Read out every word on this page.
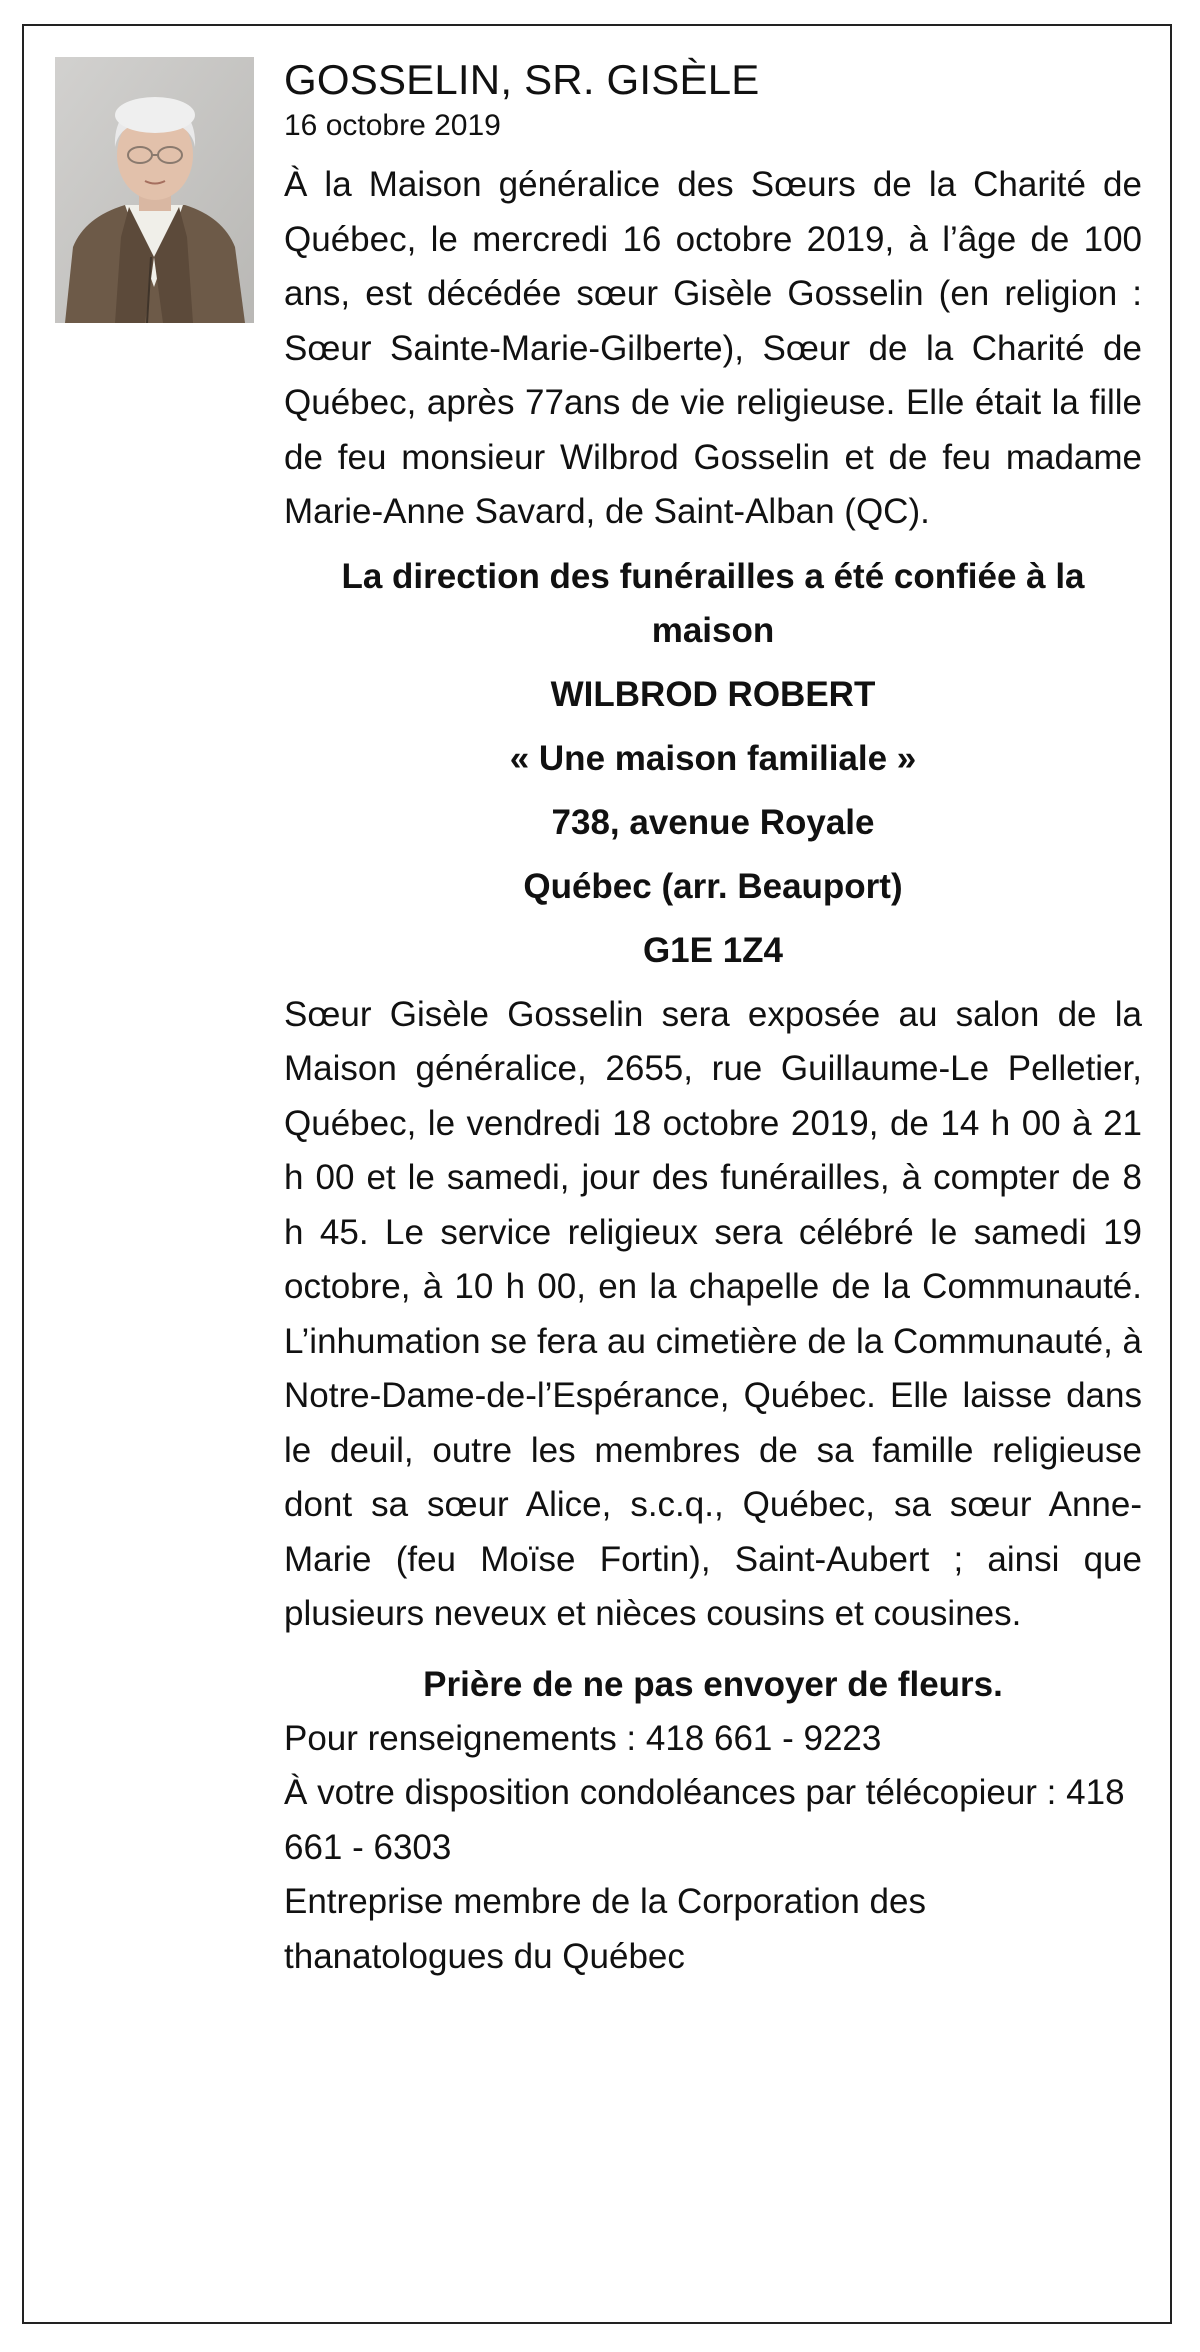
GOSSELIN, SR. GISÈLE

16 octobre 2019

À la Maison généralice des Sœurs de la Charité de Québec, le mercredi 16 octobre 2019, à l’âge de 100 ans, est décédée sœur Gisèle Gosselin (en religion : Sœur Sainte-Marie-Gilberte), Sœur de la Charité de Québec, après 77ans de vie religieuse. Elle était la fille de feu monsieur Wilbrod Gosselin et de feu madame Marie-Anne Savard, de Saint-Alban (QC).

La direction des funérailles a été confiée à la maison

WILBROD ROBERT

« Une maison familiale »

738, avenue Royale

Québec (arr. Beauport)

G1E 1Z4

Sœur Gisèle Gosselin sera exposée au salon de la Maison généralice, 2655, rue Guillaume-Le Pelletier, Québec, le vendredi 18 octobre 2019, de 14 h 00 à 21 h 00 et le samedi, jour des funérailles, à compter de 8 h 45. Le service religieux sera célébré le samedi 19 octobre, à 10 h 00, en la chapelle de la Communauté. L’inhumation se fera au cimetière de la Communauté, à Notre-Dame-de-l’Espérance, Québec. Elle laisse dans le deuil, outre les membres de sa famille religieuse dont sa sœur Alice, s.c.q., Québec, sa sœur Anne-Marie (feu Moïse Fortin), Saint-Aubert ; ainsi que plusieurs neveux et nièces cousins et cousines.

Prière de ne pas envoyer de fleurs.

Pour renseignements : 418 661 - 9223

À votre disposition condoléances par télécopieur : 418 661 - 6303

Entreprise membre de la Corporation des thanatologues du Québec
